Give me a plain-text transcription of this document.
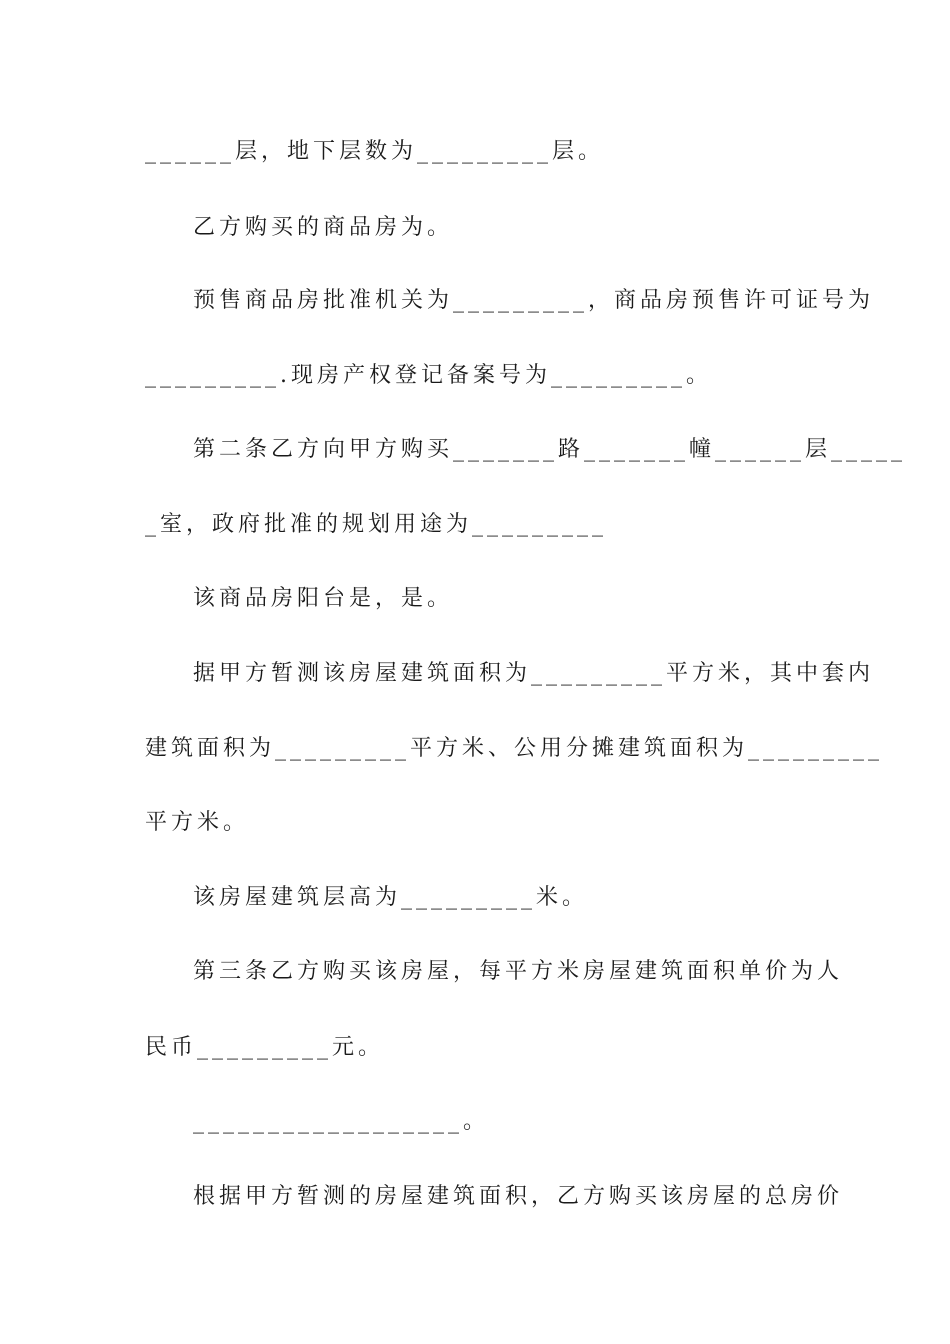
______层，地下层数为_________层。

乙方购买的商品房为。

预售商品房批准机关为_________，商品房预售许可证号为

_________.现房产权登记备案号为_________。

第二条乙方向甲方购买_______路_______幢______层_____

_室，政府批准的规划用途为_________

该商品房阳台是，是。

据甲方暂测该房屋建筑面积为_________平方米，其中套内

建筑面积为_________平方米、公用分摊建筑面积为_________

平方米。

该房屋建筑层高为_________米。

第三条乙方购买该房屋，每平方米房屋建筑面积单价为人

民币_________元。

__________________。

根据甲方暂测的房屋建筑面积，乙方购买该房屋的总房价
